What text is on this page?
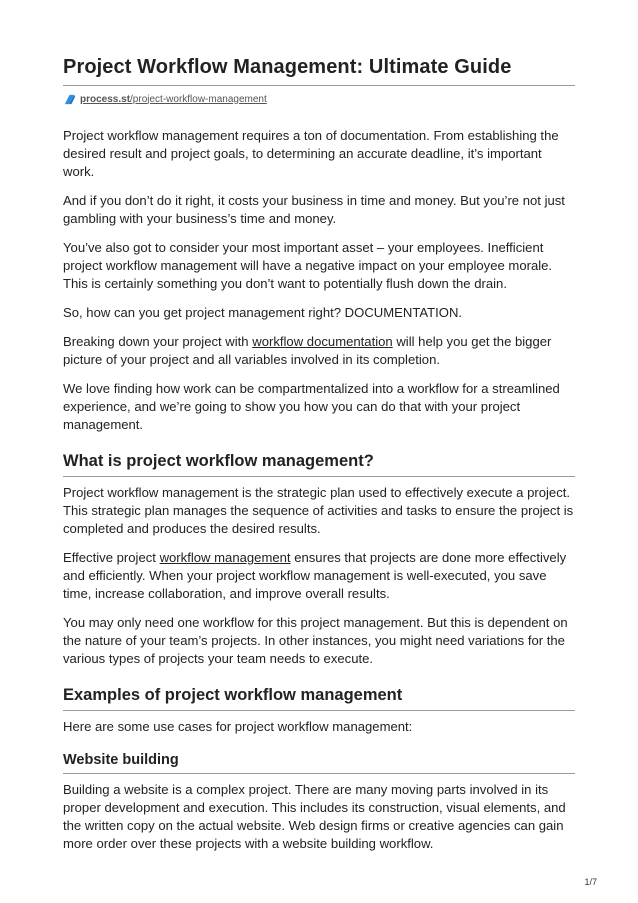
Project Workflow Management: Ultimate Guide
process.st/project-workflow-management

Project workflow management requires a ton of documentation. From establishing the desired result and project goals, to determining an accurate deadline, it’s important work.

And if you don’t do it right, it costs your business in time and money. But you’re not just gambling with your business’s time and money.

You’ve also got to consider your most important asset – your employees. Inefficient project workflow management will have a negative impact on your employee morale. This is certainly something you don’t want to potentially flush down the drain.

So, how can you get project management right? DOCUMENTATION.

Breaking down your project with workflow documentation will help you get the bigger picture of your project and all variables involved in its completion.

We love finding how work can be compartmentalized into a workflow for a streamlined experience, and we’re going to show you how you can do that with your project management.

What is project workflow management?

Project workflow management is the strategic plan used to effectively execute a project. This strategic plan manages the sequence of activities and tasks to ensure the project is completed and produces the desired results.

Effective project workflow management ensures that projects are done more effectively and efficiently. When your project workflow management is well-executed, you save time, increase collaboration, and improve overall results.

You may only need one workflow for this project management. But this is dependent on the nature of your team’s projects. In other instances, you might need variations for the various types of projects your team needs to execute.

Examples of project workflow management

Here are some use cases for project workflow management:

Website building

Building a website is a complex project. There are many moving parts involved in its proper development and execution. This includes its construction, visual elements, and the written copy on the actual website. Web design firms or creative agencies can gain more order over these projects with a website building workflow.

1/7
